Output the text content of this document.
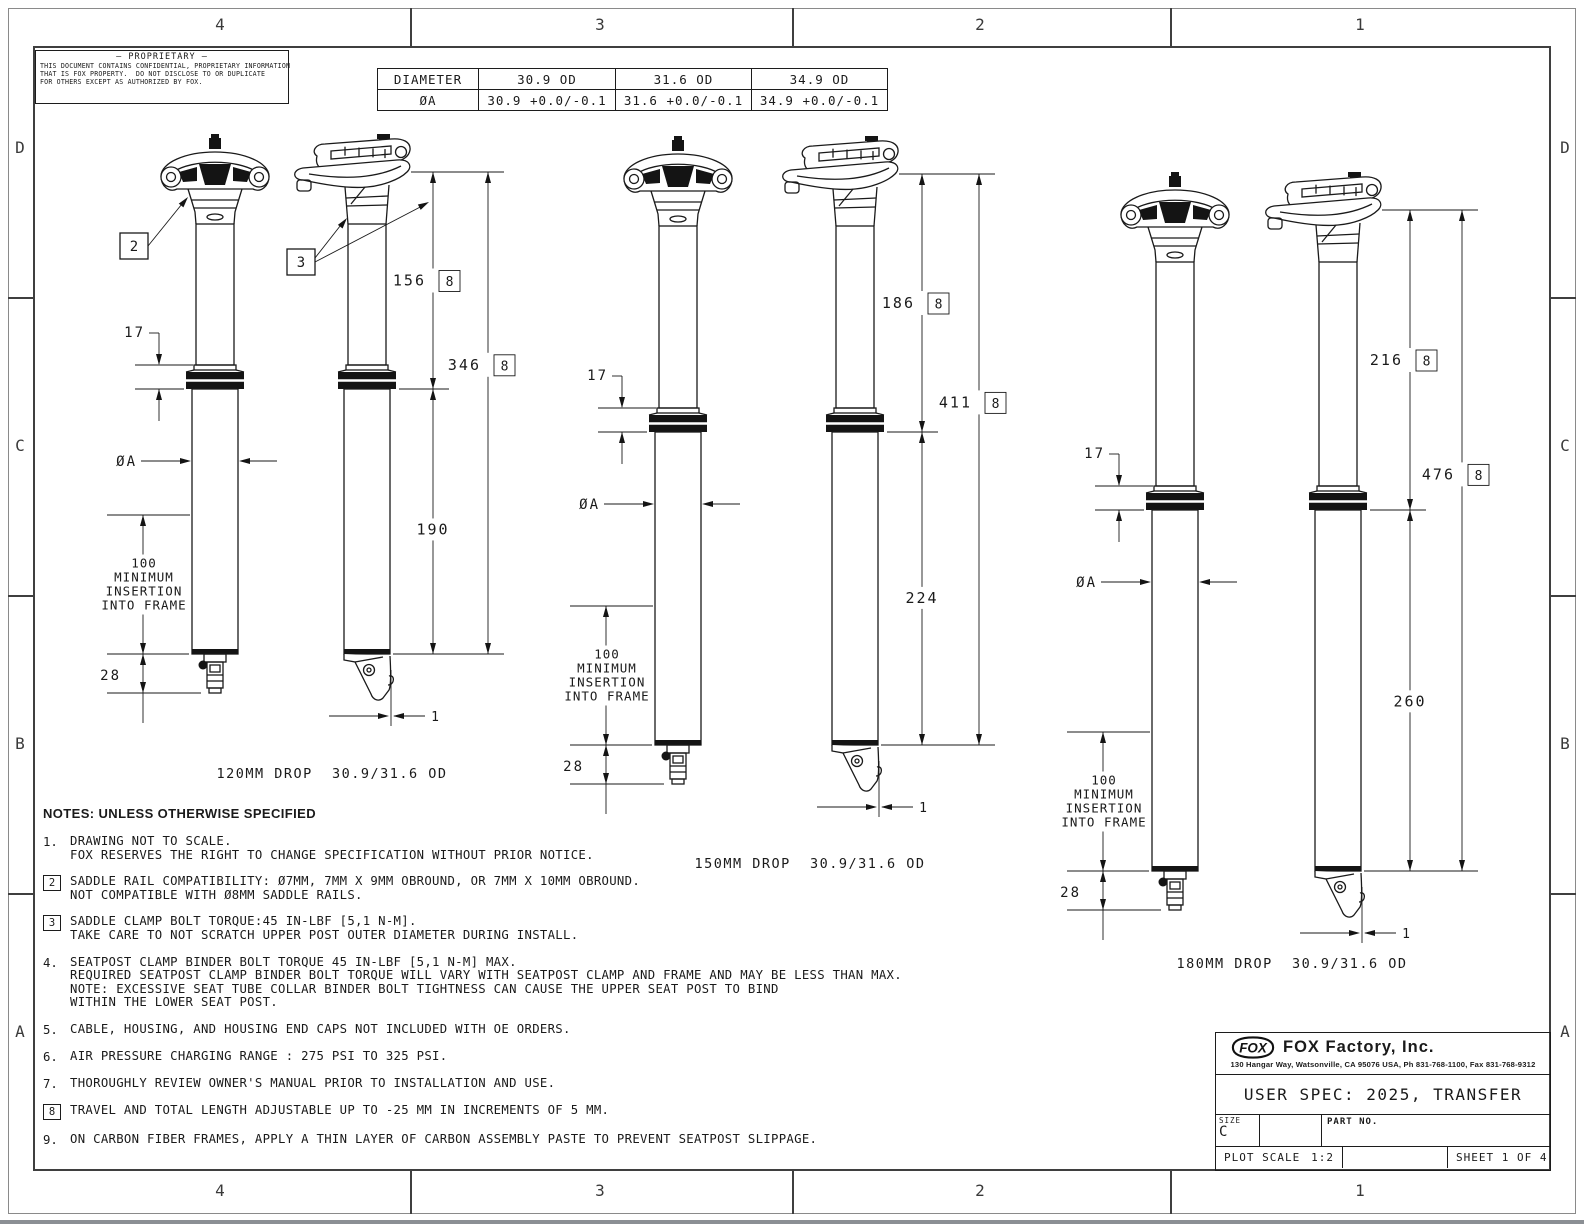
4
4
3
3
2
2
1
1
D	D
C	C
B	B
A	A
— PROPRIETARY —
THIS DOCUMENT CONTAINS CONFIDENTIAL, PROPRIETARY INFORMATION
THAT IS FOX PROPERTY.  DO NOT DISCLOSE TO OR DUPLICATE
FOR OTHERS EXCEPT AS AUTHORIZED BY FOX.	DIAMETER	30.9 OD	31.6 OD	34.9 OD
ØA	30.9 +0.0/-0.1	31.6 +0.0/-0.1	34.9 +0.0/-0.1
17
ØA
100
MINIMUM
INSERTION
INTO FRAME
28
156 8
346 8
190
1
2
3
17
ØA
100
MINIMUM
INSERTION
INTO FRAME
28
186 8
411 8
224
1
17
ØA
100
MINIMUM
INSERTION
INTO FRAME
28
216 8
476 8
260
1
120MM DROP  30.9/31.6 OD
150MM DROP  30.9/31.6 OD
180MM DROP  30.9/31.6 OD
NOTES: UNLESS OTHERWISE SPECIFIED
1. DRAWING NOT TO SCALE.
FOX RESERVES THE RIGHT TO CHANGE SPECIFICATION WITHOUT PRIOR NOTICE.
2	SADDLE RAIL COMPATIBILITY: Ø7MM, 7MM X 9MM OBROUND, OR 7MM X 10MM OBROUND.
NOT COMPATIBLE WITH Ø8MM SADDLE RAILS.
3	SADDLE CLAMP BOLT TORQUE:45 IN-LBF [5,1 N-M].
TAKE CARE TO NOT SCRATCH UPPER POST OUTER DIAMETER DURING INSTALL.
4. SEATPOST CLAMP BINDER BOLT TORQUE 45 IN-LBF [5,1 N-M] MAX.
REQUIRED SEATPOST CLAMP BINDER BOLT TORQUE WILL VARY WITH SEATPOST CLAMP AND FRAME AND MAY BE LESS THAN MAX.
NOTE: EXCESSIVE SEAT TUBE COLLAR BINDER BOLT TIGHTNESS CAN CAUSE THE UPPER SEAT POST TO BIND
WITHIN THE LOWER SEAT POST.
5. CABLE, HOUSING, AND HOUSING END CAPS NOT INCLUDED WITH OE ORDERS.
6. AIR PRESSURE CHARGING RANGE : 275 PSI TO 325 PSI.
7. THOROUGHLY REVIEW OWNER'S MANUAL PRIOR TO INSTALLATION AND USE.
8	TRAVEL AND TOTAL LENGTH ADJUSTABLE UP TO -25 MM IN INCREMENTS OF 5 MM.
9. ON CARBON FIBER FRAMES, APPLY A THIN LAYER OF CARBON ASSEMBLY PASTE TO PREVENT SEATPOST SLIPPAGE.
FOX FOX Factory, Inc.
130 Hangar Way, Watsonville, CA 95076 USA, Ph 831-768-1100, Fax 831-768-9312
USER SPEC: 2025, TRANSFER
SIZE
C
PART NO.
PLOT SCALE 1:2	SHEET 1 OF 4
